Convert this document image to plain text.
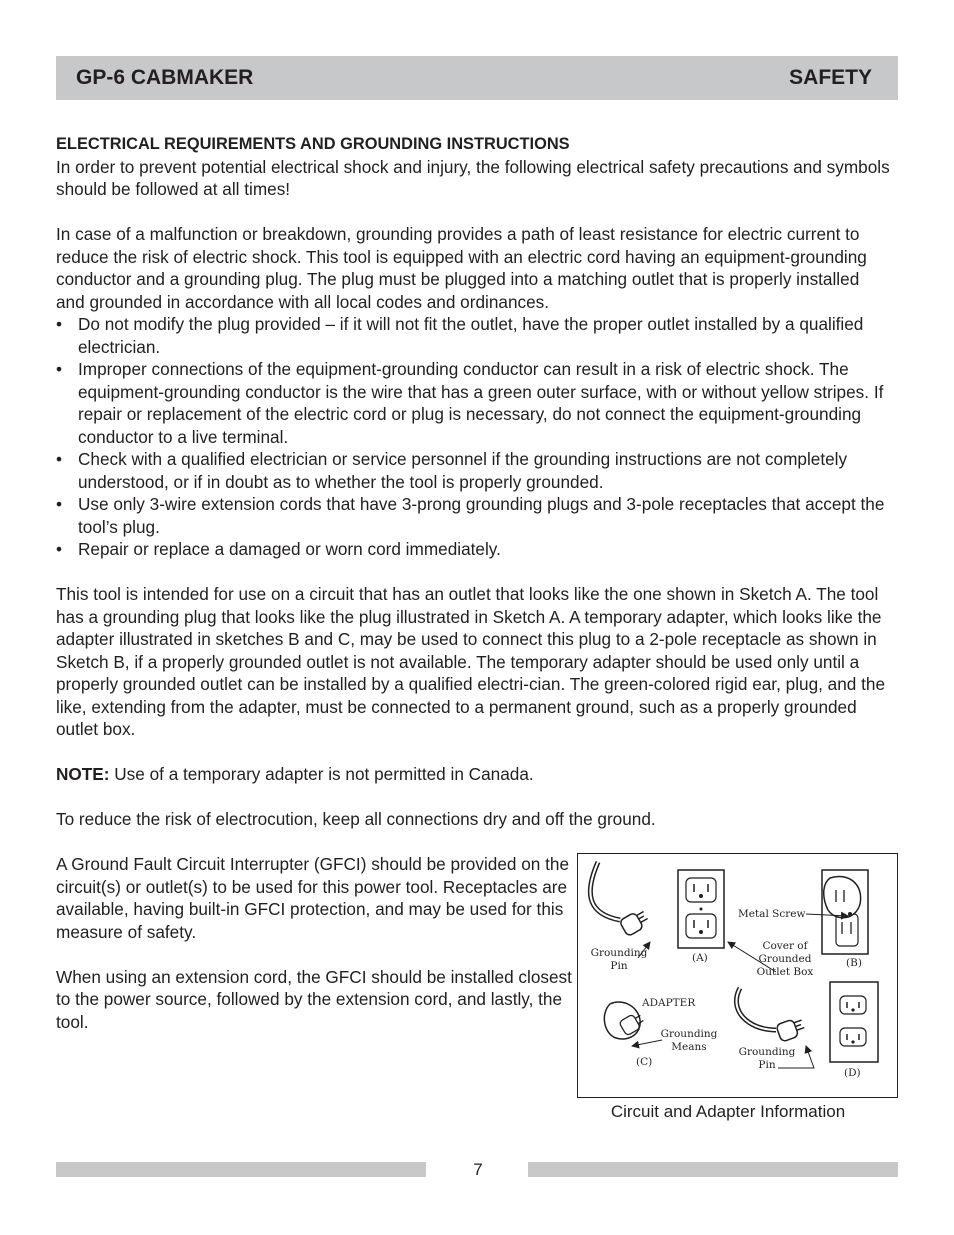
GP-6 CABMAKER	SAFETY
ELECTRICAL REQUIREMENTS AND GROUNDING INSTRUCTIONS

In order to prevent potential electrical shock and injury, the following electrical safety precautions and symbols should be followed at all times!

In case of a malfunction or breakdown, grounding provides a path of least resistance for electric current to reduce the risk of electric shock. This tool is equipped with an electric cord having an equipment-grounding conductor and a grounding plug. The plug must be plugged into a matching outlet that is properly installed and grounded in accordance with all local codes and ordinances.

• Do not modify the plug provided – if it will not fit the outlet, have the proper outlet installed by a qualified electrician.
• Improper connections of the equipment-grounding conductor can result in a risk of electric shock. The equipment-grounding conductor is the wire that has a green outer surface, with or without yellow stripes. If repair or replacement of the electric cord or plug is necessary, do not connect the equipment-grounding conductor to a live terminal.
• Check with a qualified electrician or service personnel if the grounding instructions are not completely understood, or if in doubt as to whether the tool is properly grounded.
• Use only 3-wire extension cords that have 3-prong grounding plugs and 3-pole receptacles that accept the tool’s plug.
• Repair or replace a damaged or worn cord immediately.

This tool is intended for use on a circuit that has an outlet that looks like the one shown in Sketch A. The tool has a grounding plug that looks like the plug illustrated in Sketch A. A temporary adapter, which looks like the adapter illustrated in sketches B and C, may be used to connect this plug to a 2-pole receptacle as shown in Sketch B, if a properly grounded outlet is not available. The temporary adapter should be used only until a properly grounded outlet can be installed by a qualified electri-cian. The green-colored rigid ear, plug, and the like, extending from the adapter, must be connected to a permanent ground, such as a properly grounded outlet box.

NOTE: Use of a temporary adapter is not permitted in Canada.

To reduce the risk of electrocution, keep all connections dry and off the ground.

A Ground Fault Circuit Interrupter (GFCI) should be provided on the circuit(s) or outlet(s) to be used for this power tool. Receptacles are available, having built-in GFCI protection, and may be used for this measure of safety.

When using an extension cord, the GFCI should be installed closest to the power source, followed by the extension cord, and lastly, the tool.

Grounding
Pin
(A)
Metal Screw
Cover of
Grounded
Outlet Box
(B)
ADAPTER
Grounding
Means
(C)
Grounding
Pin
(D)
Circuit and Adapter Information
7
